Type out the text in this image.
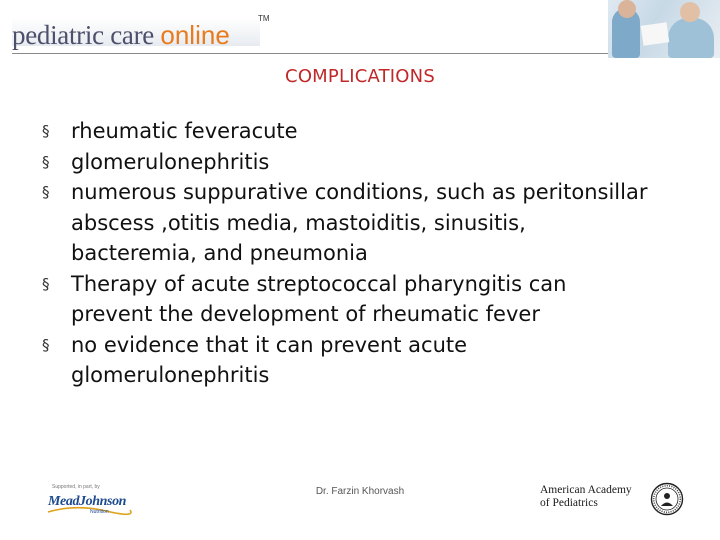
pediatric care online
TM
COMPLICATIONS
§ rheumatic feveracute
§ glomerulonephritis
§ numerous suppurative conditions, such as peritonsillar abscess ,otitis media, mastoiditis, sinusitis, bacteremia, and pneumonia
§ Therapy of acute streptococcal pharyngitis can prevent the development of rheumatic fever
§ no evidence that it can prevent acute glomerulonephritis
Supported, in part, by
MeadJohnson
Nutrition
Dr. Farzin Khorvash	American Academy
of Pediatrics
